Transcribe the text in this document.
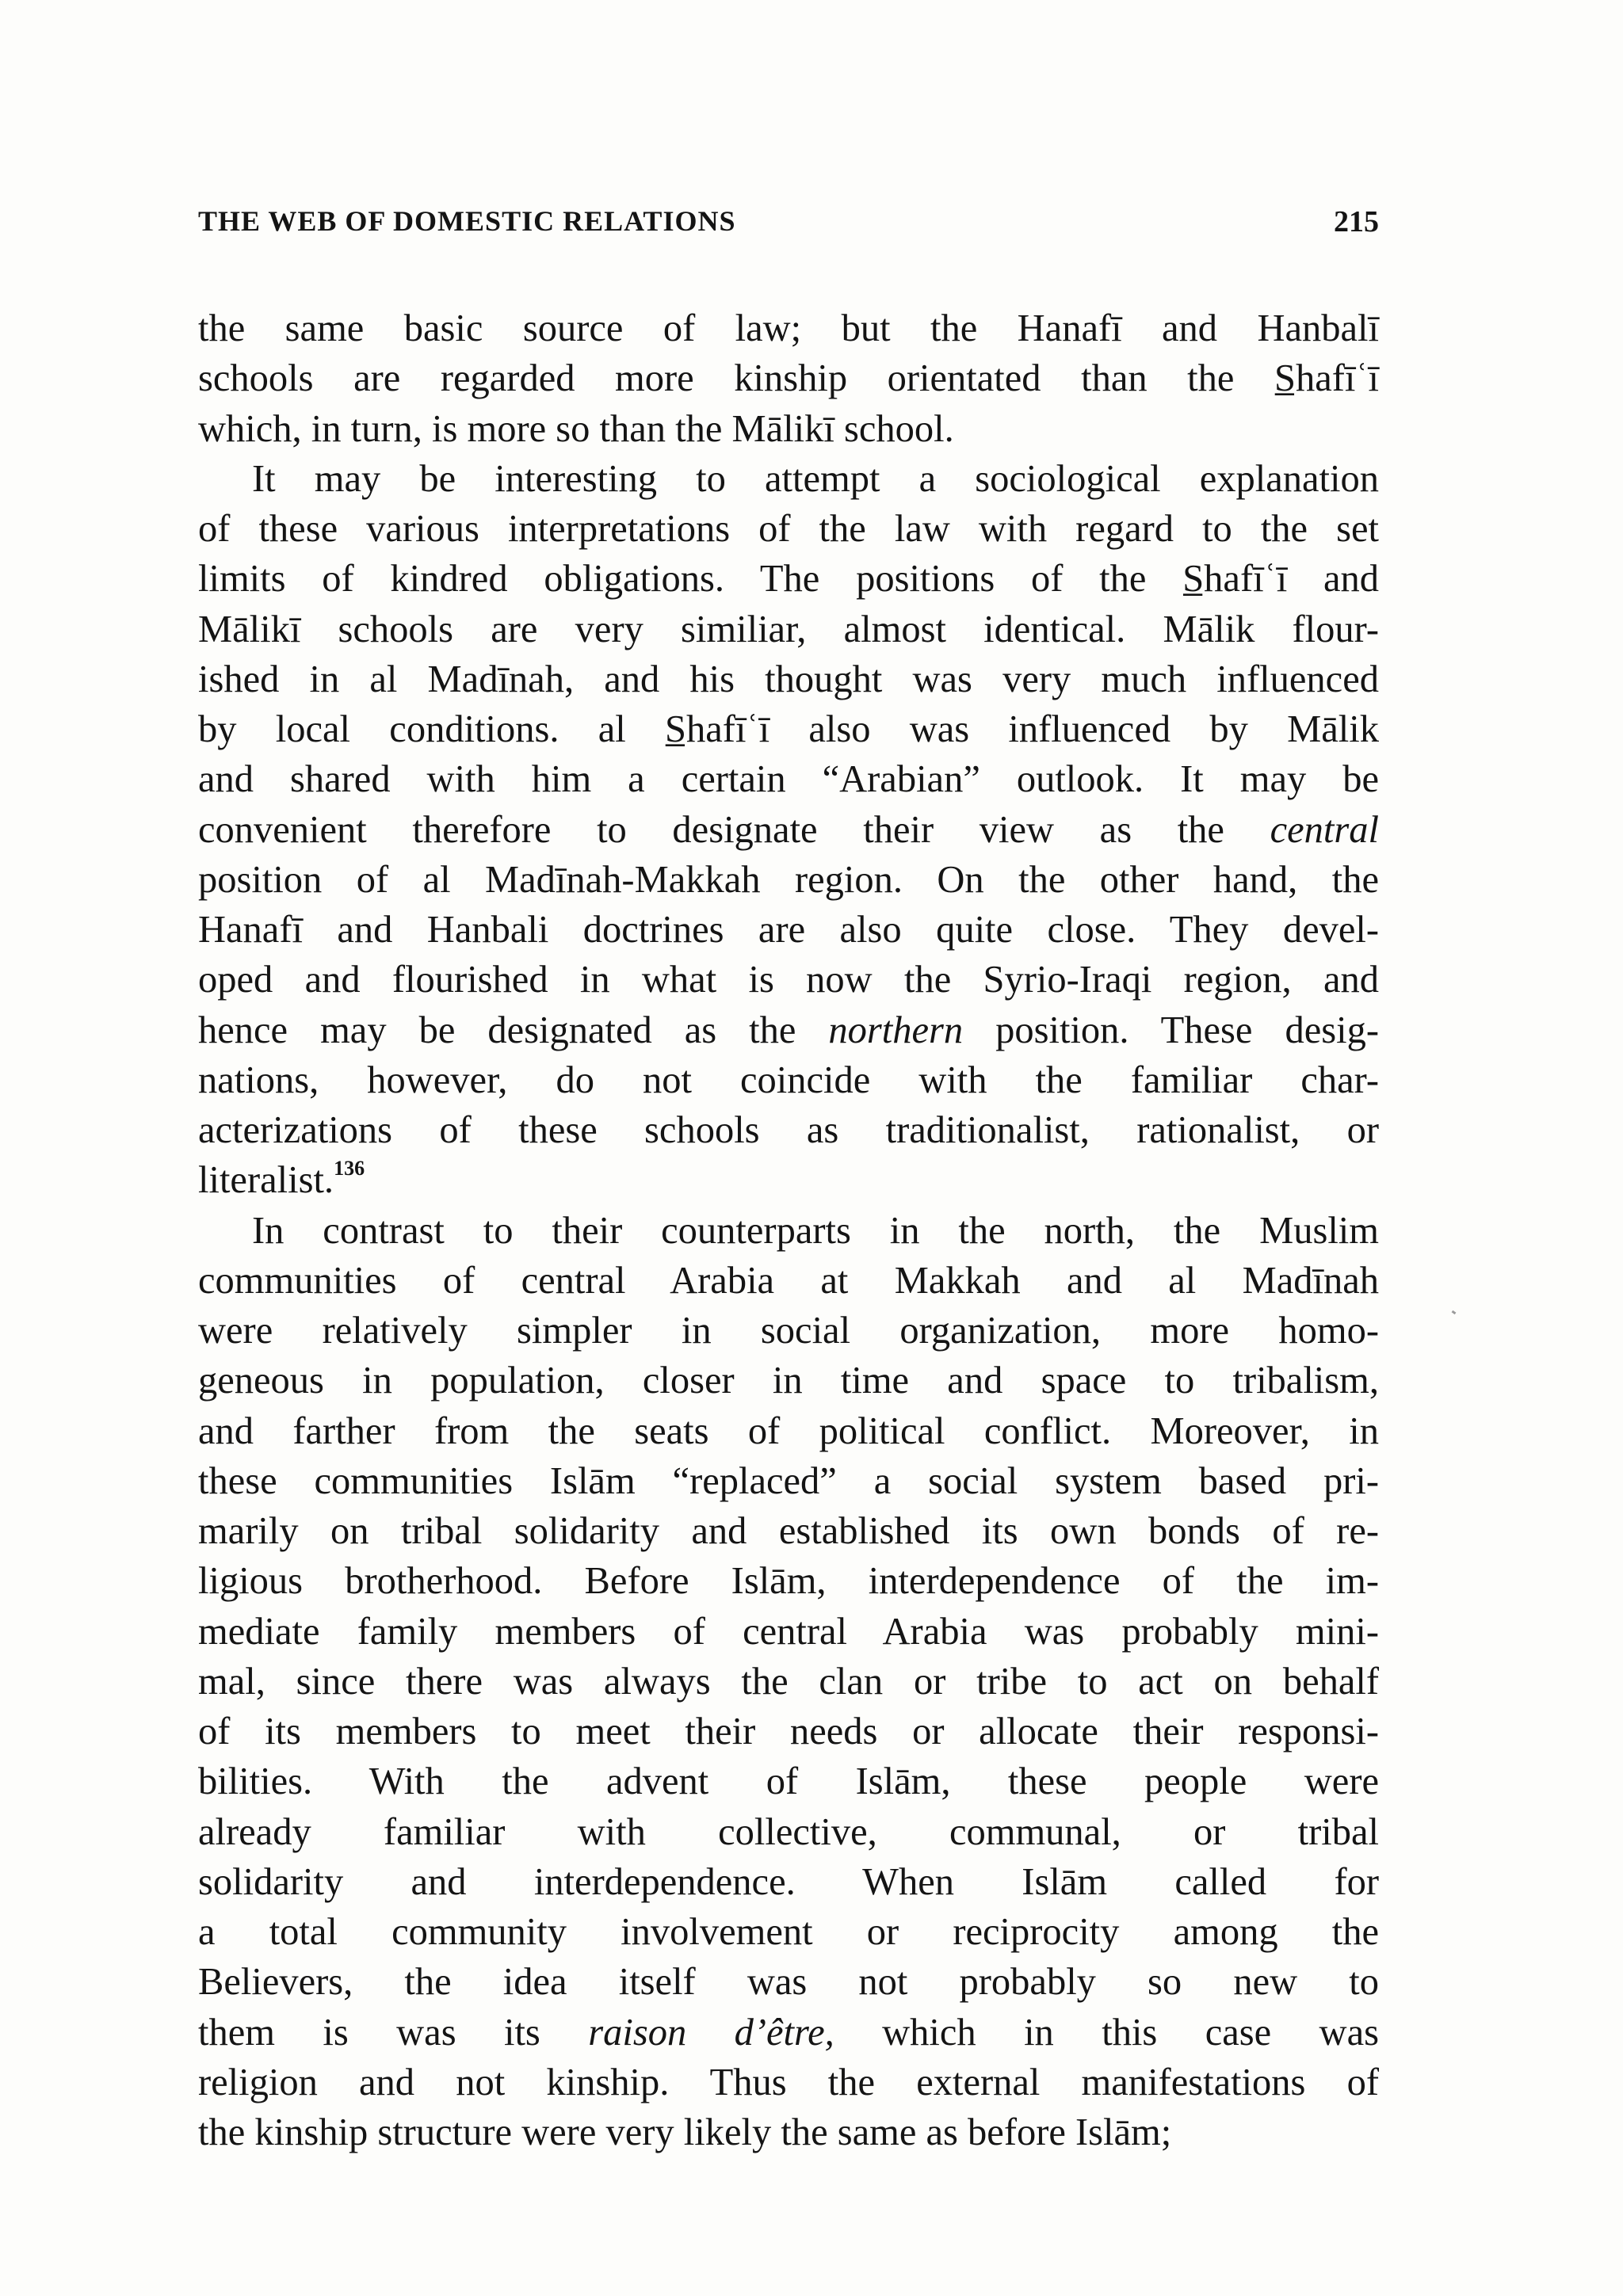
THE WEB OF DOMESTIC RELATIONS	215
the same basic source of law; but the Hanafī and Hanbalī
schools are regarded more kinship orientated than the S̲hafīʿī
which, in turn, is more so than the Mālikī school.
It may be interesting to attempt a sociological explanation
of these various interpretations of the law with regard to the set
limits of kindred obligations. The positions of the S̲hafīʿī and
Mālikī schools are very similiar, almost identical. Mālik flour-
ished in al Madīnah, and his thought was very much influenced
by local conditions. al S̲hafīʿī also was influenced by Mālik
and shared with him a certain “Arabian” outlook. It may be
convenient therefore to designate their view as the central
position of al Madīnah-Makkah region. On the other hand, the
Hanafī and Hanbali doctrines are also quite close. They devel-
oped and flourished in what is now the Syrio-Iraqi region, and
hence may be designated as the northern position. These desig-
nations, however, do not coincide with the familiar char-
acterizations of these schools as traditionalist, rationalist, or
literalist.$^{136}$
In contrast to their counterparts in the north, the Muslim
communities of central Arabia at Makkah and al Madīnah
were relatively simpler in social organization, more homo-
geneous in population, closer in time and space to tribalism,
and farther from the seats of political conflict. Moreover, in
these communities Islām “replaced” a social system based pri-
marily on tribal solidarity and established its own bonds of re-
ligious brotherhood. Before Islām, interdependence of the im-
mediate family members of central Arabia was probably mini-
mal, since there was always the clan or tribe to act on behalf
of its members to meet their needs or allocate their responsi-
bilities. With the advent of Islām, these people were
already familiar with collective, communal, or tribal
solidarity and interdependence. When Islām called for
a total community involvement or reciprocity among the
Believers, the idea itself was not probably so new to
them is was its raison d’être, which in this case was
religion and not kinship. Thus the external manifestations of
the kinship structure were very likely the same as before Islām;
